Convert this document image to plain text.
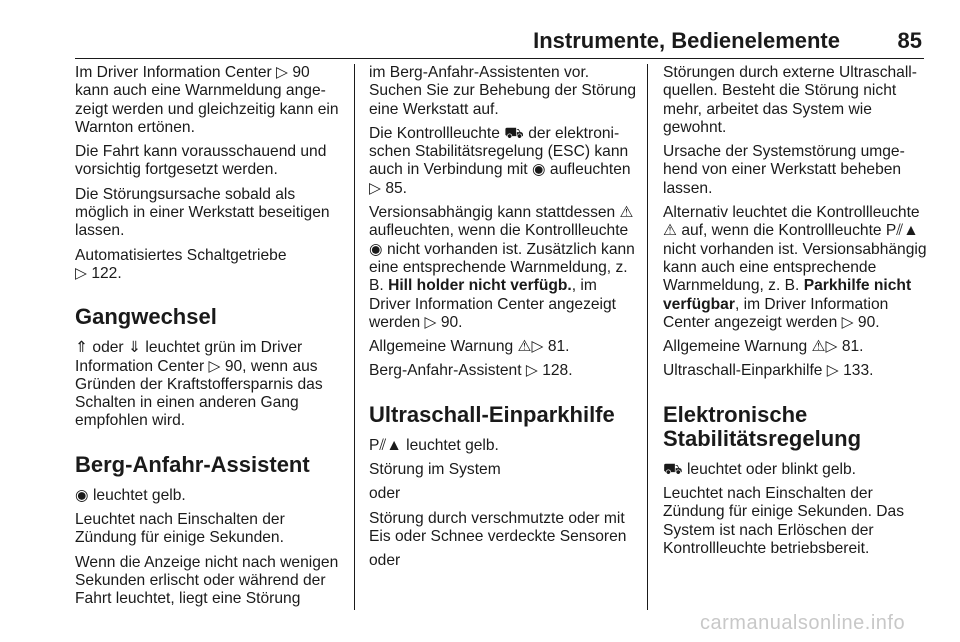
Instrumente, Bedienelemente	85

Im Driver Information Center ▷ 90 kann auch eine Warnmeldung angezeigt werden und gleichzeitig kann ein Warnton ertönen.

Die Fahrt kann vorausschauend und vorsichtig fortgesetzt werden.

Die Störungsursache sobald als möglich in einer Werkstatt beseitigen lassen.

Automatisiertes Schaltgetriebe
▷ 122.

Gangwechsel

⇑ oder ⇓ leuchtet grün im Driver Information Center ▷ 90, wenn aus Gründen der Kraftstoffersparnis das Schalten in einen anderen Gang empfohlen wird.

Berg-Anfahr-Assistent

◉ leuchtet gelb.

Leuchtet nach Einschalten der Zündung für einige Sekunden.

Wenn die Anzeige nicht nach wenigen Sekunden erlischt oder während der Fahrt leuchtet, liegt eine Störung

im Berg-Anfahr-Assistenten vor. Suchen Sie zur Behebung der Störung eine Werkstatt auf.

Die Kontrollleuchte ⛟ der elektronischen Stabilitätsregelung (ESC) kann auch in Verbindung mit ◉ aufleuchten ▷ 85.

Versionsabhängig kann stattdessen ⚠ aufleuchten, wenn die Kontrollleuchte ◉ nicht vorhanden ist. Zusätzlich kann eine entsprechende Warnmeldung, z. B. Hill holder nicht verfügb., im Driver Information Center angezeigt werden ▷ 90.

Allgemeine Warnung ⚠▷ 81.

Berg-Anfahr-Assistent ▷ 128.

Ultraschall-Einparkhilfe

P⫽▲ leuchtet gelb.

Störung im System

oder

Störung durch verschmutzte oder mit Eis oder Schnee verdeckte Sensoren

oder

Störungen durch externe Ultraschallquellen. Besteht die Störung nicht mehr, arbeitet das System wie gewohnt.

Ursache der Systemstörung umgehend von einer Werkstatt beheben lassen.

Alternativ leuchtet die Kontrollleuchte ⚠ auf, wenn die Kontrollleuchte P⫽▲ nicht vorhanden ist. Versionsabhängig kann auch eine entsprechende Warnmeldung, z. B. Parkhilfe nicht verfügbar, im Driver Information Center angezeigt werden ▷ 90.

Allgemeine Warnung ⚠▷ 81.

Ultraschall-Einparkhilfe ▷ 133.

Elektronische Stabilitätsregelung

⛟ leuchtet oder blinkt gelb.

Leuchtet nach Einschalten der Zündung für einige Sekunden. Das System ist nach Erlöschen der Kontrollleuchte betriebsbereit.

carmanualsonline.info
